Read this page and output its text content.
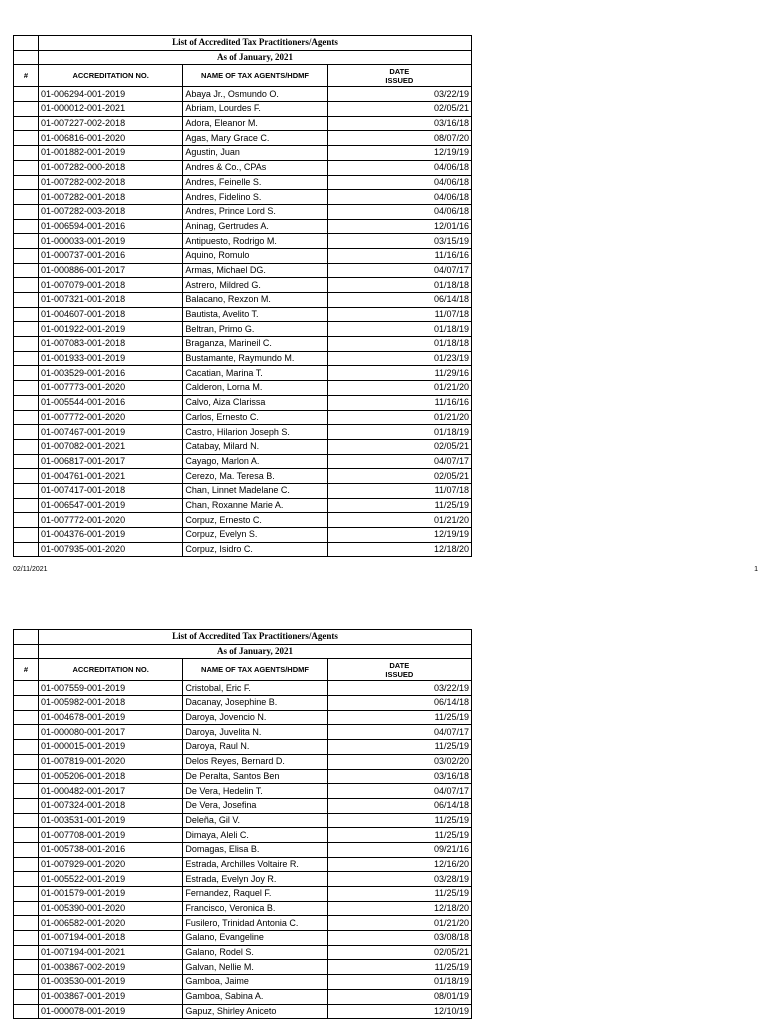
	List of Accredited Tax Practitioners/Agents		
	As of January, 2021		
#	ACCREDITATION NO.	NAME OF TAX AGENTS/HDMF	DATE
ISSUED
	01-006294-001-2019	Abaya Jr., Osmundo O.	03/22/19
	01-000012-001-2021	Abriam, Lourdes F.	02/05/21
	01-007227-002-2018	Adora, Eleanor M.	03/16/18
	01-006816-001-2020	Agas, Mary Grace C.	08/07/20
	01-001882-001-2019	Agustin, Juan	12/19/19
	01-007282-000-2018	Andres & Co., CPAs	04/06/18
	01-007282-002-2018	Andres, Feinelle S.	04/06/18
	01-007282-001-2018	Andres, Fidelino S.	04/06/18
	01-007282-003-2018	Andres, Prince Lord S.	04/06/18
	01-006594-001-2016	Aninag, Gertrudes A.	12/01/16
	01-000033-001-2019	Antipuesto, Rodrigo M.	03/15/19
	01-000737-001-2016	Aquino, Romulo	11/16/16
	01-000886-001-2017	Armas, Michael DG.	04/07/17
	01-007079-001-2018	Astrero, Mildred G.	01/18/18
	01-007321-001-2018	Balacano, Rexzon M.	06/14/18
	01-004607-001-2018	Bautista, Avelito T.	11/07/18
	01-001922-001-2019	Beltran, Primo G.	01/18/19
	01-007083-001-2018	Braganza, Marineil C.	01/18/18
	01-001933-001-2019	Bustamante, Raymundo M.	01/23/19
	01-003529-001-2016	Cacatian, Marina T.	11/29/16
	01-007773-001-2020	Calderon, Lorna M.	01/21/20
	01-005544-001-2016	Calvo, Aiza Clarissa	11/16/16
	01-007772-001-2020	Carlos, Ernesto C.	01/21/20
	01-007467-001-2019	Castro, Hilarion Joseph S.	01/18/19
	01-007082-001-2021	Catabay, Milard N.	02/05/21
	01-006817-001-2017	Cayago, Marlon A.	04/07/17
	01-004761-001-2021	Cerezo, Ma. Teresa B.	02/05/21
	01-007417-001-2018	Chan, Linnet Madelane C.	11/07/18
	01-006547-001-2019	Chan, Roxanne Marie A.	11/25/19
	01-007772-001-2020	Corpuz, Ernesto C.	01/21/20
	01-004376-001-2019	Corpuz, Evelyn S.	12/19/19
	01-007935-001-2020	Corpuz, Isidro C.	12/18/20
02/11/2021	1
	List of Accredited Tax Practitioners/Agents		
	As of January, 2021		
#	ACCREDITATION NO.	NAME OF TAX AGENTS/HDMF	DATE
ISSUED
	01-007559-001-2019	Cristobal, Eric F.	03/22/19
	01-005982-001-2018	Dacanay, Josephine B.	06/14/18
	01-004678-001-2019	Daroya, Jovencio N.	11/25/19
	01-000080-001-2017	Daroya, Juvelita N.	04/07/17
	01-000015-001-2019	Daroya, Raul N.	11/25/19
	01-007819-001-2020	Delos Reyes, Bernard D.	03/02/20
	01-005206-001-2018	De Peralta, Santos Ben	03/16/18
	01-000482-001-2017	De Vera, Hedelin T.	04/07/17
	01-007324-001-2018	De Vera, Josefina	06/14/18
	01-003531-001-2019	Deleña, Gil V.	11/25/19
	01-007708-001-2019	Dimaya, Aleli C.	11/25/19
	01-005738-001-2016	Domagas, Elisa B.	09/21/16
	01-007929-001-2020	Estrada, Archilles Voltaire R.	12/16/20
	01-005522-001-2019	Estrada, Evelyn Joy R.	03/28/19
	01-001579-001-2019	Fernandez, Raquel F.	11/25/19
	01-005390-001-2020	Francisco, Veronica B.	12/18/20
	01-006582-001-2020	Fusilero, Trinidad Antonia C.	01/21/20
	01-007194-001-2018	Galano, Evangeline	03/08/18
	01-007194-001-2021	Galano, Rodel S.	02/05/21
	01-003867-002-2019	Galvan, Nellie M.	11/25/19
	01-003530-001-2019	Gamboa, Jaime	01/18/19
	01-003867-001-2019	Gamboa, Sabina A.	08/01/19
	01-000078-001-2019	Gapuz, Shirley Aniceto	12/10/19
